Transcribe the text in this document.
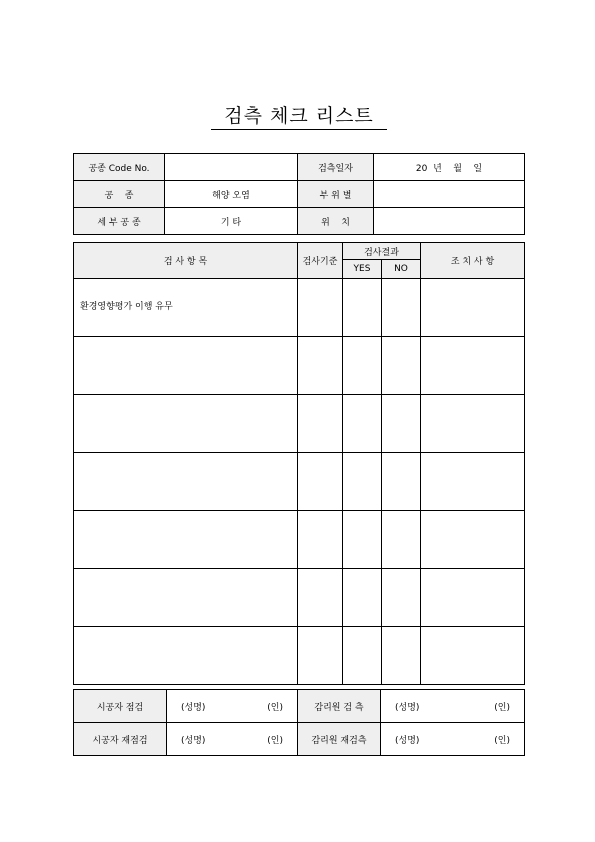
검측 체크 리스트
공종 Code No.		검측일자	20  년    월    일
공    종	해양 오염	부 위 별	
세 부 공 종	기 타	위    치	
검 사 항 목	검사기준	검사결과		조 치 사 항
		YES	NO	
환경영향평가 이행 유무				

시공자 점검	(성명) (인)	감리원 검 측	(성명) (인)

시공자 재점검	(성명) (인)	감리원 재검측	(성명) (인)
